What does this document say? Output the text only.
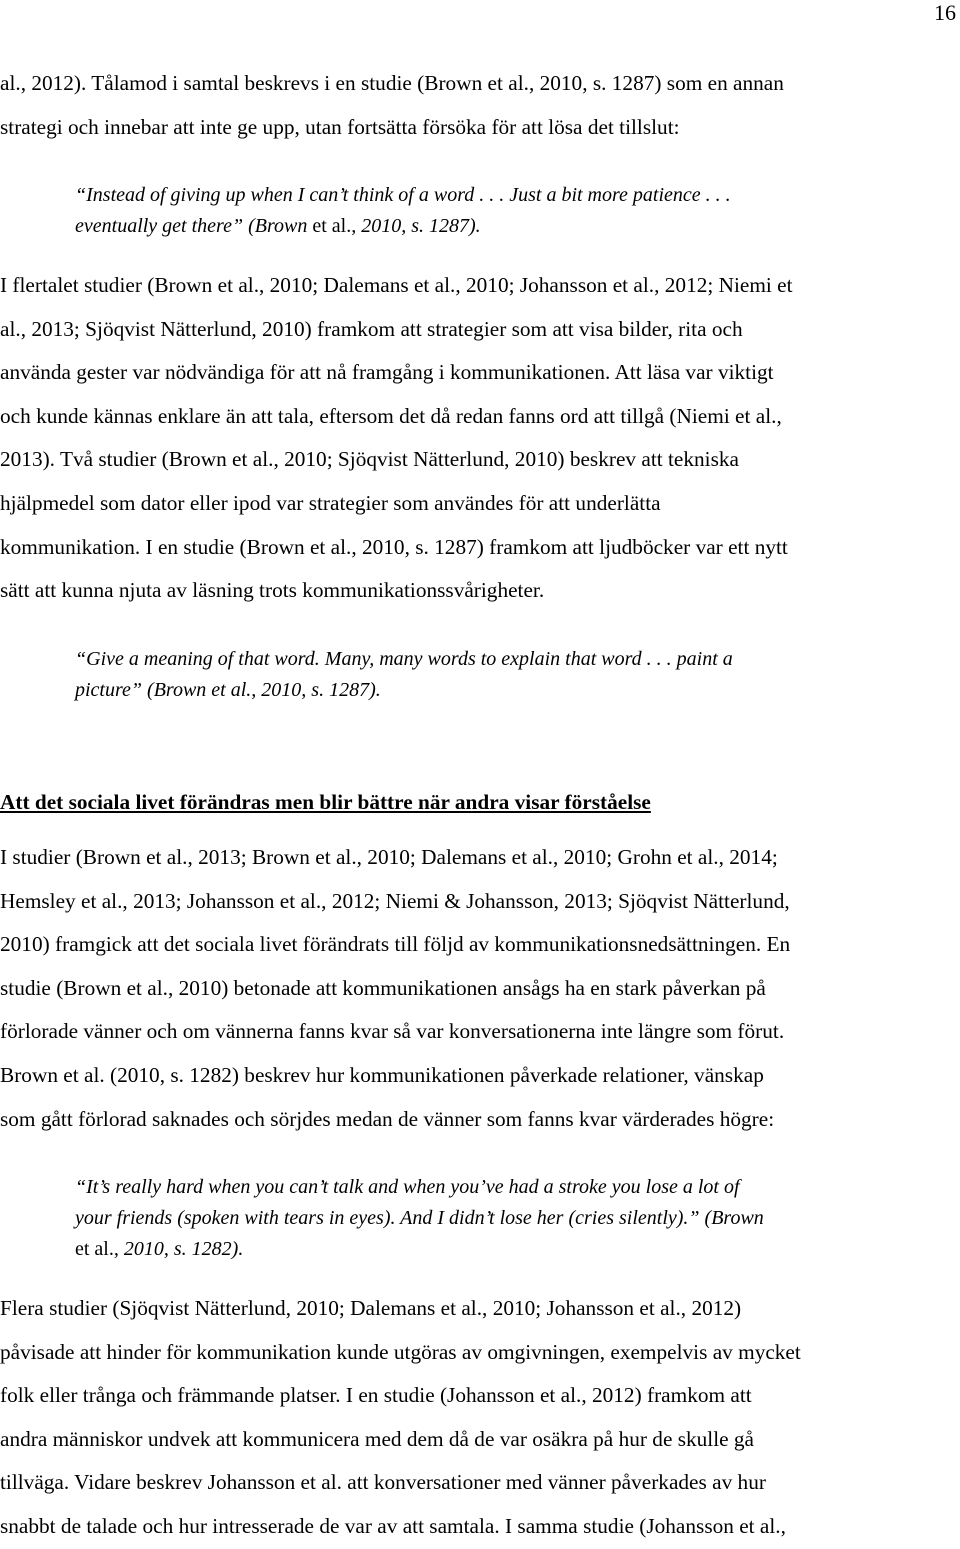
16
al., 2012). Tålamod i samtal beskrevs i en studie (Brown et al., 2010, s. 1287) som en annan
strategi och innebar att inte ge upp, utan fortsätta försöka för att lösa det tillslut:
“Instead of giving up when I can’t think of a word . . . Just a bit more patience . . .
eventually get there” (Brown et al., 2010, s. 1287).
I flertalet studier (Brown et al., 2010; Dalemans et al., 2010; Johansson et al., 2012; Niemi et
al., 2013; Sjöqvist Nätterlund, 2010) framkom att strategier som att visa bilder, rita och
använda gester var nödvändiga för att nå framgång i kommunikationen. Att läsa var viktigt
och kunde kännas enklare än att tala, eftersom det då redan fanns ord att tillgå (Niemi et al.,
2013). Två studier (Brown et al., 2010; Sjöqvist Nätterlund, 2010) beskrev att tekniska
hjälpmedel som dator eller ipod var strategier som användes för att underlätta
kommunikation. I en studie (Brown et al., 2010, s. 1287) framkom att ljudböcker var ett nytt
sätt att kunna njuta av läsning trots kommunikationssvårigheter.
“Give a meaning of that word. Many, many words to explain that word . . . paint a
picture” (Brown et al., 2010, s. 1287).
Att det sociala livet förändras men blir bättre när andra visar förståelse
I studier (Brown et al., 2013; Brown et al., 2010; Dalemans et al., 2010; Grohn et al., 2014;
Hemsley et al., 2013; Johansson et al., 2012; Niemi & Johansson, 2013; Sjöqvist Nätterlund,
2010) framgick att det sociala livet förändrats till följd av kommunikationsnedsättningen. En
studie (Brown et al., 2010) betonade att kommunikationen ansågs ha en stark påverkan på
förlorade vänner och om vännerna fanns kvar så var konversationerna inte längre som förut.
Brown et al. (2010, s. 1282) beskrev hur kommunikationen påverkade relationer, vänskap
som gått förlorad saknades och sörjdes medan de vänner som fanns kvar värderades högre:
“It’s really hard when you can’t talk and when you’ve had a stroke you lose a lot of
your friends (spoken with tears in eyes). And I didn’t lose her (cries silently).” (Brown
et al., 2010, s. 1282).
Flera studier (Sjöqvist Nätterlund, 2010; Dalemans et al., 2010; Johansson et al., 2012)
påvisade att hinder för kommunikation kunde utgöras av omgivningen, exempelvis av mycket
folk eller trånga och främmande platser. I en studie (Johansson et al., 2012) framkom att
andra människor undvek att kommunicera med dem då de var osäkra på hur de skulle gå
tillväga. Vidare beskrev Johansson et al. att konversationer med vänner påverkades av hur
snabbt de talade och hur intresserade de var av att samtala. I samma studie (Johansson et al.,
